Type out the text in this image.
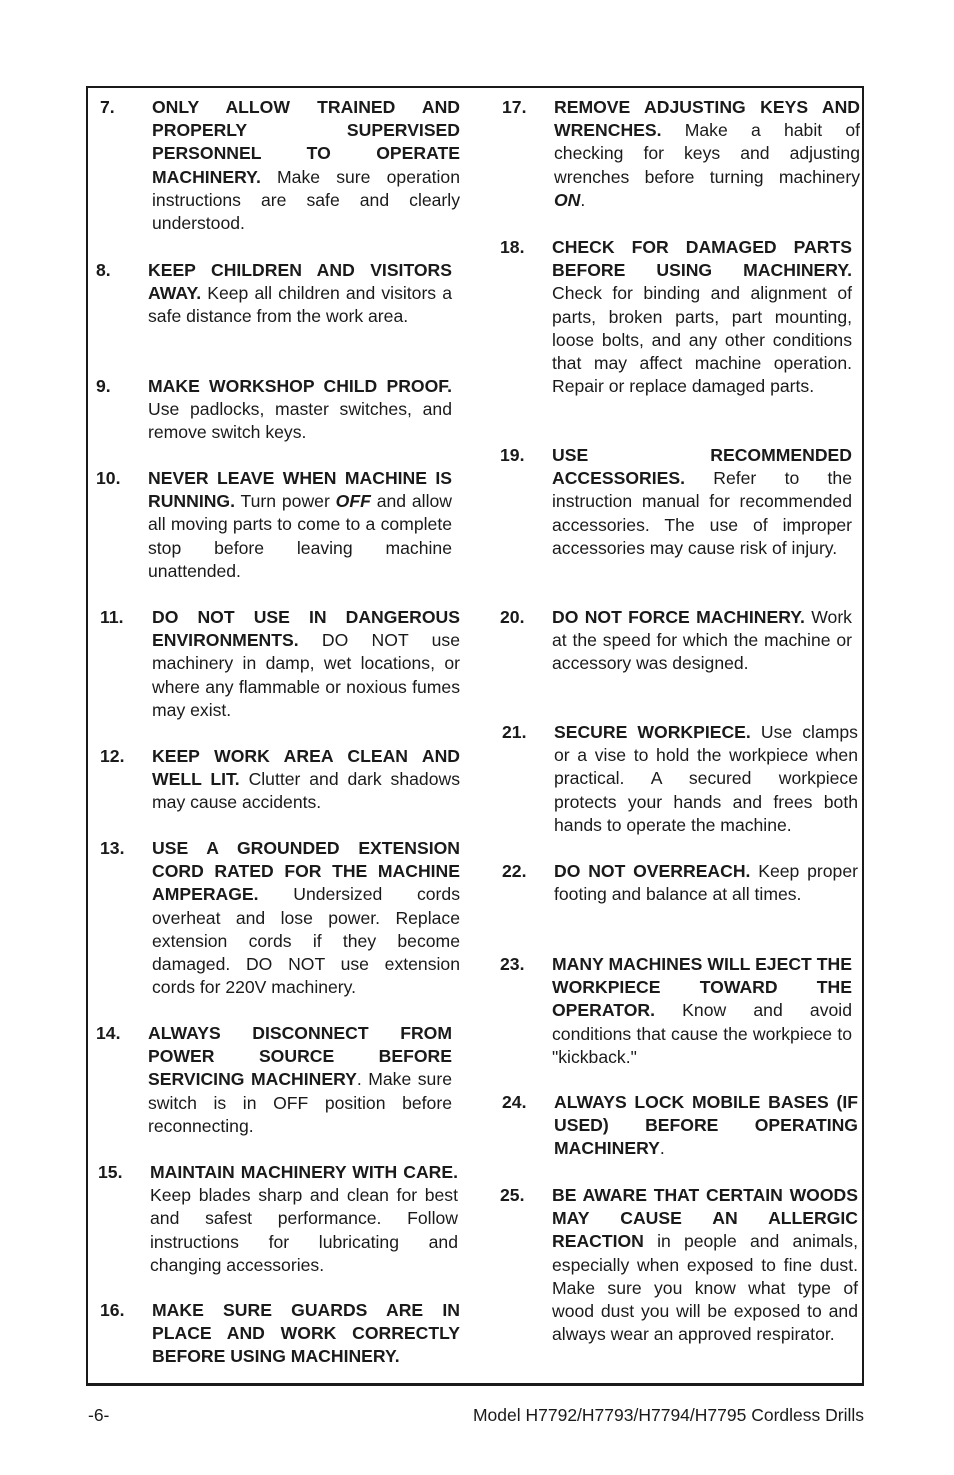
7. ONLY ALLOW TRAINED AND PROPERLY SUPERVISED PERSONNEL TO OPERATE MACHINERY. Make sure operation instructions are safe and clearly understood.
8. KEEP CHILDREN AND VISITORS AWAY. Keep all children and visitors a safe distance from the work area.
9. MAKE WORKSHOP CHILD PROOF. Use padlocks, master switches, and remove switch keys.
10. NEVER LEAVE WHEN MACHINE IS RUNNING. Turn power OFF and allow all moving parts to come to a complete stop before leaving machine unattended.
11. DO NOT USE IN DANGEROUS ENVIRONMENTS. DO NOT use machinery in damp, wet locations, or where any flammable or noxious fumes may exist.
12. KEEP WORK AREA CLEAN AND WELL LIT. Clutter and dark shadows may cause accidents.
13. USE A GROUNDED EXTENSION CORD RATED FOR THE MACHINE AMPERAGE. Undersized cords overheat and lose power. Replace extension cords if they become damaged. DO NOT use extension cords for 220V machinery.
14. ALWAYS DISCONNECT FROM POWER SOURCE BEFORE SERVICING MACHINERY. Make sure switch is in OFF position before reconnecting.
15. MAINTAIN MACHINERY WITH CARE. Keep blades sharp and clean for best and safest performance. Follow instructions for lubricating and changing accessories.
16. MAKE SURE GUARDS ARE IN PLACE AND WORK CORRECTLY BEFORE USING MACHINERY.
17. REMOVE ADJUSTING KEYS AND WRENCHES. Make a habit of checking for keys and adjusting wrenches before turning machinery ON.
18. CHECK FOR DAMAGED PARTS BEFORE USING MACHINERY. Check for binding and alignment of parts, broken parts, part mounting, loose bolts, and any other conditions that may affect machine operation. Repair or replace damaged parts.
19. USE RECOMMENDED ACCESSORIES. Refer to the instruction manual for recommended accessories. The use of improper accessories may cause risk of injury.
20. DO NOT FORCE MACHINERY. Work at the speed for which the machine or accessory was designed.
21. SECURE WORKPIECE. Use clamps or a vise to hold the workpiece when practical. A secured workpiece protects your hands and frees both hands to operate the machine.
22. DO NOT OVERREACH. Keep proper footing and balance at all times.
23. MANY MACHINES WILL EJECT THE WORKPIECE TOWARD THE OPERATOR. Know and avoid conditions that cause the workpiece to "kickback."
24. ALWAYS LOCK MOBILE BASES (IF USED) BEFORE OPERATING MACHINERY.
25. BE AWARE THAT CERTAIN WOODS MAY CAUSE AN ALLERGIC REACTION in people and animals, especially when exposed to fine dust. Make sure you know what type of wood dust you will be exposed to and always wear an approved respirator.
-6-	Model H7792/H7793/H7794/H7795 Cordless Drills
